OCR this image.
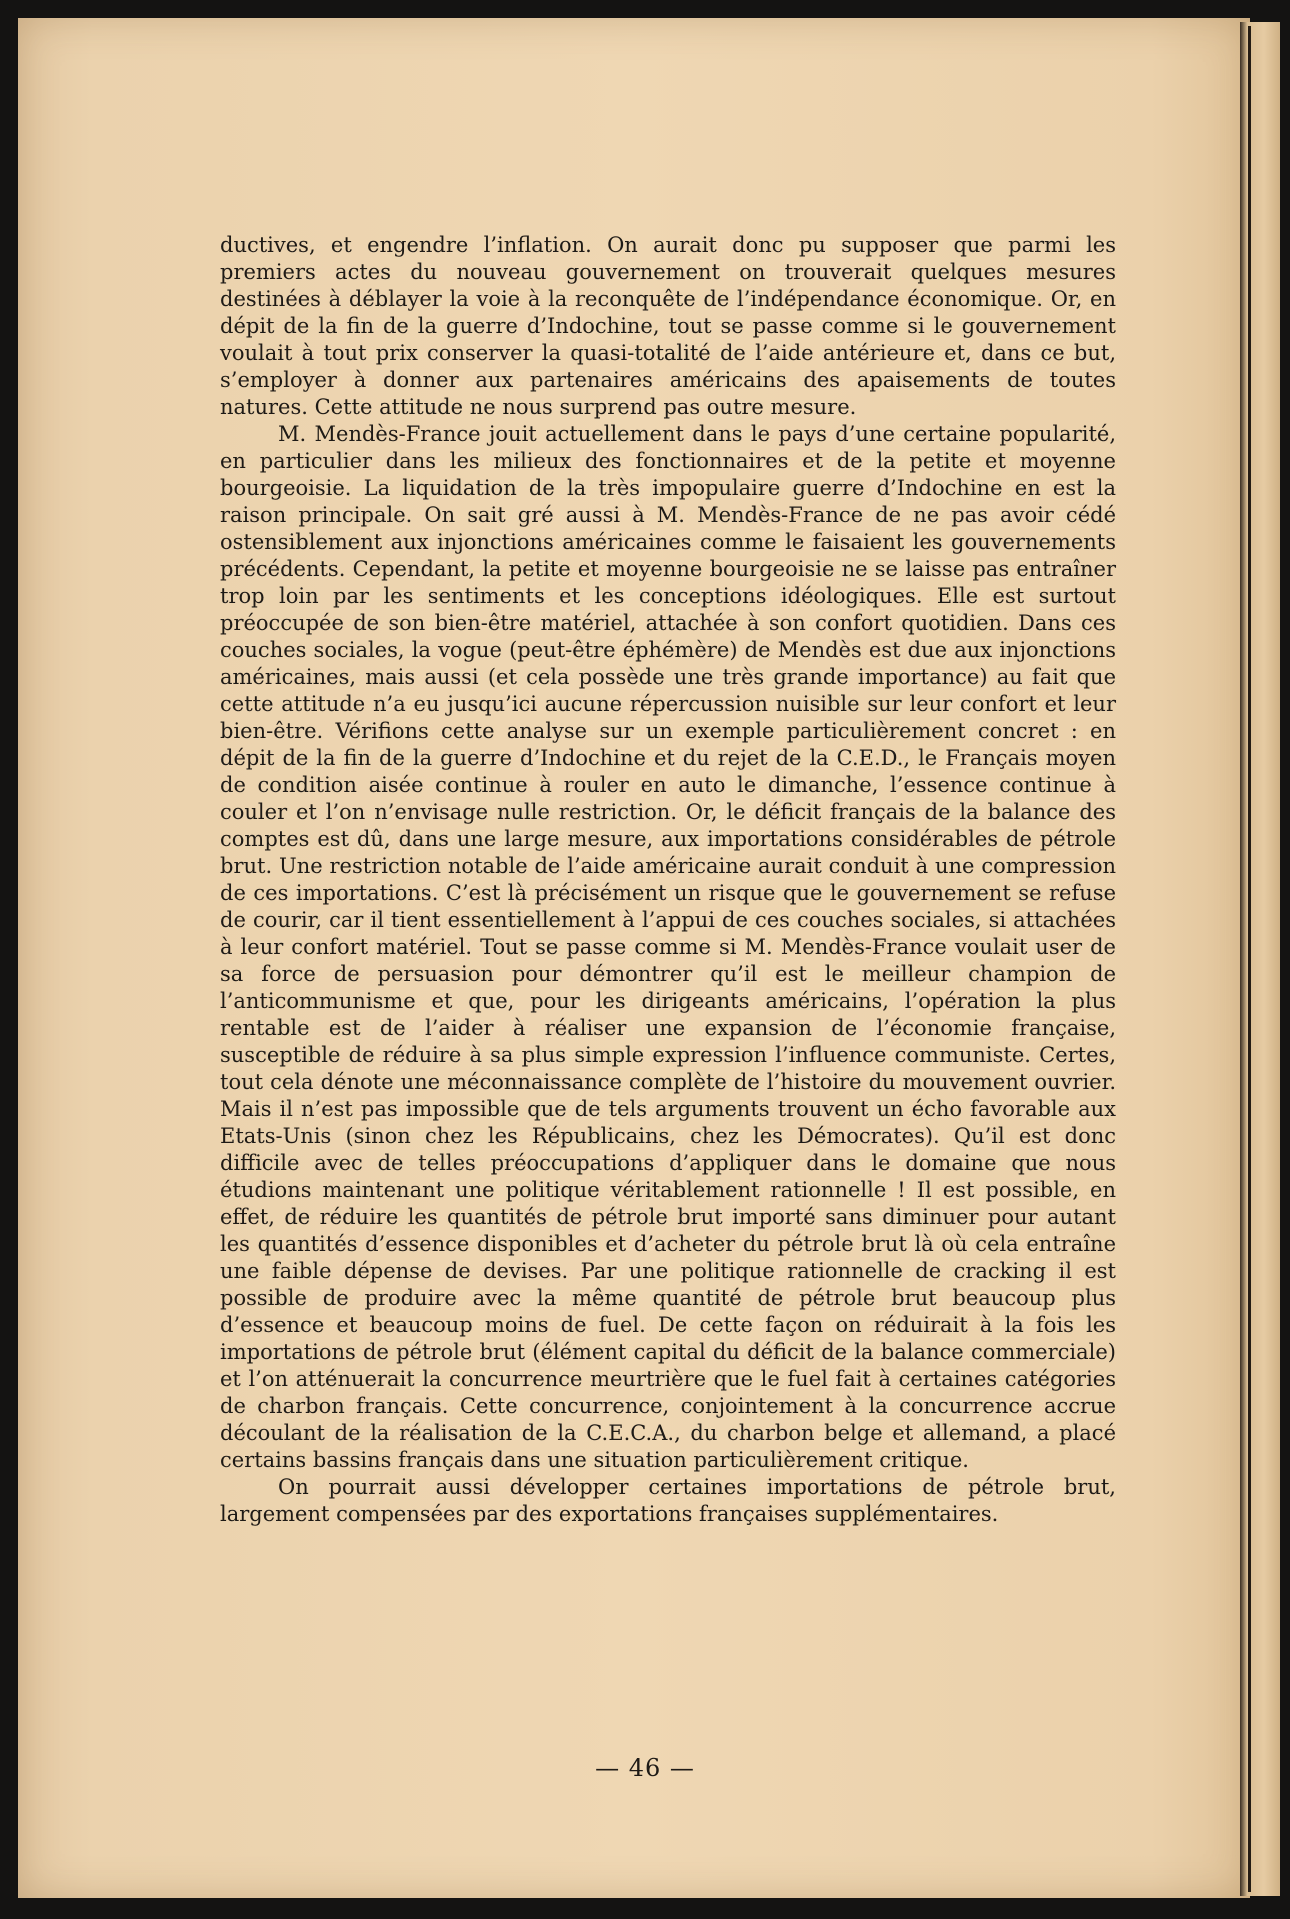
ductives, et engendre l’inflation. On aurait donc pu supposer que parmi les premiers actes du nouveau gouvernement on trouverait quelques mesures destinées à déblayer la voie à la reconquête de l’indépendance économique. Or, en dépit de la fin de la guerre d’Indochine, tout se passe comme si le gouvernement voulait à tout prix conserver la quasi-totalité de l’aide antérieure et, dans ce but, s’employer à donner aux partenaires américains des apaisements de toutes natures. Cette attitude ne nous surprend pas outre mesure.

M. Mendès-France jouit actuellement dans le pays d’une certaine popularité, en particulier dans les milieux des fonctionnaires et de la petite et moyenne bourgeoisie. La liquidation de la très impopulaire guerre d’Indochine en est la raison principale. On sait gré aussi à M. Mendès-France de ne pas avoir cédé ostensiblement aux injonctions américaines comme le faisaient les gouvernements précédents. Cependant, la petite et moyenne bourgeoisie ne se laisse pas entraîner trop loin par les sentiments et les conceptions idéologiques. Elle est surtout préoccupée de son bien-être matériel, attachée à son confort quotidien. Dans ces couches sociales, la vogue (peut-être éphémère) de Mendès est due aux injonctions américaines, mais aussi (et cela possède une très grande importance) au fait que cette attitude n’a eu jusqu’ici aucune répercussion nuisible sur leur confort et leur bien-être. Vérifions cette analyse sur un exemple particulièrement concret : en dépit de la fin de la guerre d’Indochine et du rejet de la C.E.D., le Français moyen de condition aisée continue à rouler en auto le dimanche, l’essence continue à couler et l’on n’envisage nulle restriction. Or, le déficit français de la balance des comptes est dû, dans une large mesure, aux importations considérables de pétrole brut. Une restriction notable de l’aide américaine aurait conduit à une compression de ces importations. C’est là précisément un risque que le gouvernement se refuse de courir, car il tient essentiellement à l’appui de ces couches sociales, si attachées à leur confort matériel. Tout se passe comme si M. Mendès-France voulait user de sa force de persuasion pour démontrer qu’il est le meilleur champion de l’anticommunisme et que, pour les dirigeants américains, l’opération la plus rentable est de l’aider à réaliser une expansion de l’économie française, susceptible de réduire à sa plus simple expression l’influence communiste. Certes, tout cela dénote une méconnaissance complète de l’histoire du mouvement ouvrier. Mais il n’est pas impossible que de tels arguments trouvent un écho favorable aux Etats-Unis (sinon chez les Républicains, chez les Démocrates). Qu’il est donc difficile avec de telles préoccupations d’appliquer dans le domaine que nous étudions maintenant une politique véritablement rationnelle ! Il est possible, en effet, de réduire les quantités de pétrole brut importé sans diminuer pour autant les quantités d’essence disponibles et d’acheter du pétrole brut là où cela entraîne une faible dépense de devises. Par une politique rationnelle de cracking il est possible de produire avec la même quantité de pétrole brut beaucoup plus d’essence et beaucoup moins de fuel. De cette façon on réduirait à la fois les importations de pétrole brut (élément capital du déficit de la balance commerciale) et l’on atténuerait la concurrence meurtrière que le fuel fait à certaines catégories de charbon français. Cette concurrence, conjointement à la concurrence accrue découlant de la réalisation de la C.E.C.A., du charbon belge et allemand, a placé certains bassins français dans une situation particulièrement critique.

On pourrait aussi développer certaines importations de pétrole brut, largement compensées par des exportations françaises supplémentaires.

— 46 —
